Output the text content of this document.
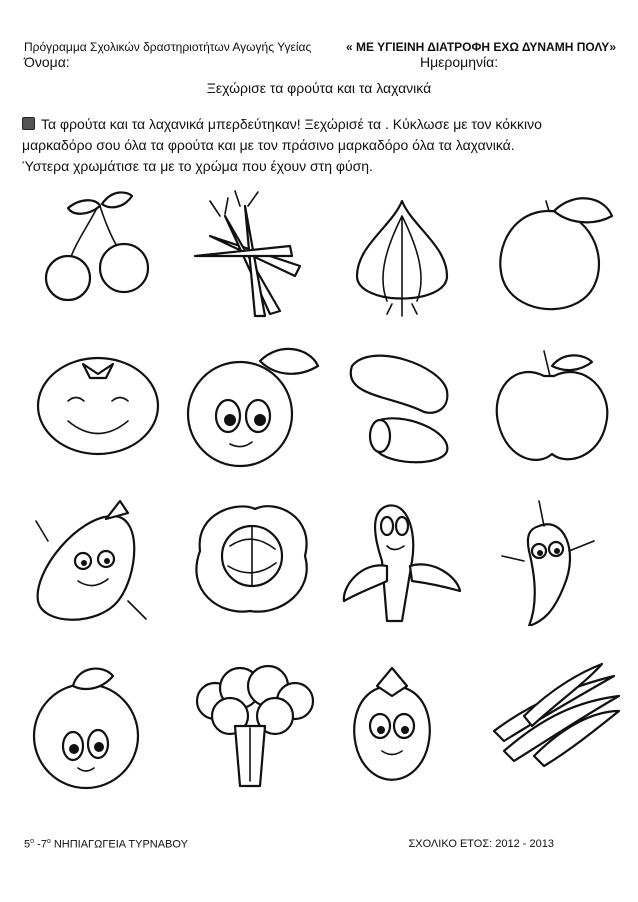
Πρόγραμμα Σχολικών δραστηριοτήτων Αγωγής Υγείας	« ΜΕ ΥΓΙΕΙΝΗ ΔΙΑΤΡΟΦΗ ΕΧΩ ΔΥΝΑΜΗ ΠΟΛΥ»
Όνομα:	Ημερομηνία:
Ξεχώρισε τα φρούτα και τα λαχανικά
Τα φρούτα και τα λαχανικά μπερδεύτηκαν! Ξεχώρισέ τα . Κύκλωσε με τον κόκκινο
μαρκαδόρο σου όλα τα φρούτα και με τον πράσινο μαρκαδόρο όλα τα λαχανικά.
Ύστερα χρωμάτισε τα με το χρώμα που έχουν στη φύση.
$5^o$ $-7^o$ ΝΗΠΙΑΓΩΓΕΙΑ ΤΥΡΝΑΒΟΥ	ΣΧΟΛΙΚΟ ΕΤΟΣ: 2012 - 2013
